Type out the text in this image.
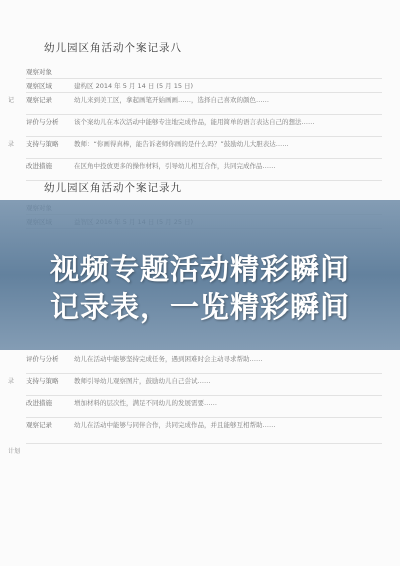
幼儿园区角活动个案记录八
观察对象
观察区域	建构区 2014 年 5 月 14 日 (5 月 15 日)
记	观察记录	幼儿来到美工区，拿起画笔开始画画……，选择自己喜欢的颜色……
评价与分析	该个案幼儿在本次活动中能够专注地完成作品，能用简单的语言表达自己的想法……
录	支持与策略	教师：“你画得真棒，能告诉老师你画的是什么吗？”鼓励幼儿大胆表达……
改进措施	在区角中投放更多的操作材料，引导幼儿相互合作，共同完成作品……
幼儿园区角活动个案记录九
视频专题活动精彩瞬间
记录表，一览精彩瞬间
评价与分析	幼儿在活动中能够坚持完成任务，遇到困难时会主动寻求帮助……
录	支持与策略	教师引导幼儿观察图片，鼓励幼儿自己尝试……
改进措施	增加材料的层次性，满足不同幼儿的发展需要……
观察记录	幼儿在活动中能够与同伴合作，共同完成作品，并且能够互相帮助……
计划
